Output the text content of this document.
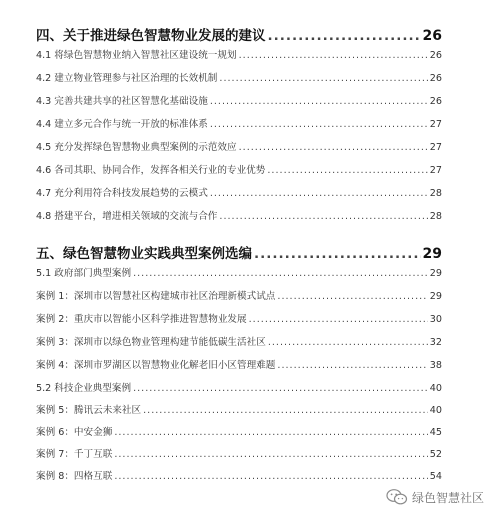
四、关于推进绿色智慧物业发展的建议 .....	26
4.1 将绿色智慧物业纳入智慧社区建设统一规划 .....	26
4.2 建立物业管理参与社区治理的长效机制 .....	26
4.3 完善共建共享的社区智慧化基础设施 .....	26
4.4 建立多元合作与统一开放的标准体系 .....	27
4.5 充分发挥绿色智慧物业典型案例的示范效应 .....	27
4.6 各司其职、协同合作，发挥各相关行业的专业优势 .....	27
4.7 充分利用符合科技发展趋势的云模式 .....	28
4.8 搭建平台，增进相关领域的交流与合作 .....	28
五、绿色智慧物业实践典型案例选编 .....	29
5.1 政府部门典型案例 .....	29
案例 1：深圳市以智慧社区构建城市社区治理新模式试点 .....	29
案例 2：重庆市以智能小区科学推进智慧物业发展 .....	30
案例 3：深圳市以绿色物业管理构建节能低碳生活社区 .....	32
案例 4：深圳市罗湖区以智慧物业化解老旧小区管理难题 .....	38
5.2 科技企业典型案例 .....	40
案例 5：腾讯云未来社区 .....	40
案例 6：中安金狮 .....	45
案例 7：千丁互联 .....	52
案例 8：四格互联 .....	54
绿色智慧社区
